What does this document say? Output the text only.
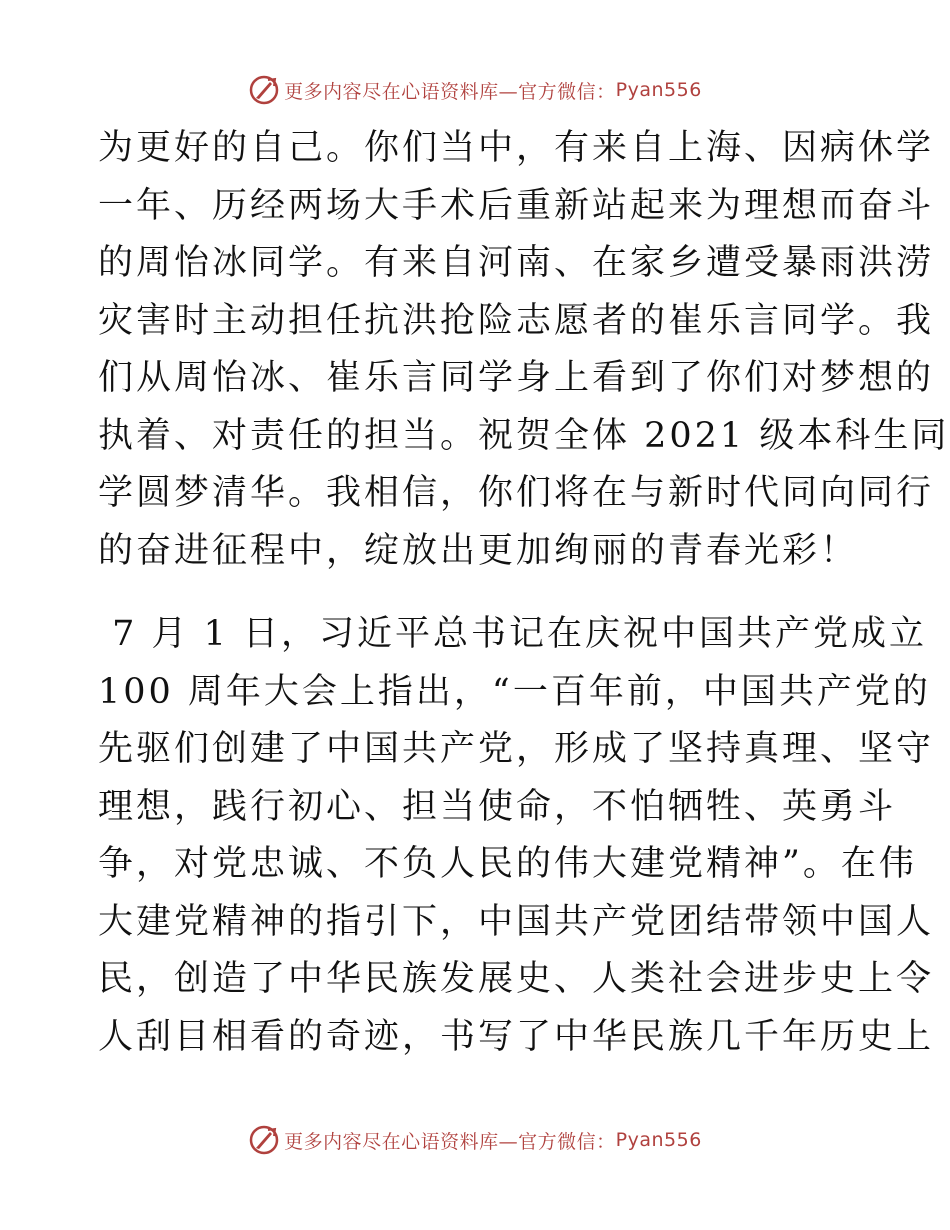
更多内容尽在心语资料库—官方微信： Pyan556

为更好的自己。你们当中，有来自上海、因病休学
一年、历经两场大手术后重新站起来为理想而奋斗
的周怡冰同学。有来自河南、在家乡遭受暴雨洪涝
灾害时主动担任抗洪抢险志愿者的崔乐言同学。我
们从周怡冰、崔乐言同学身上看到了你们对梦想的
执着、对责任的担当。祝贺全体 2021 级本科生同
学圆梦清华。我相信，你们将在与新时代同向同行
的奋进征程中，绽放出更加绚丽的青春光彩！

7 月 1 日，习近平总书记在庆祝中国共产党成立
100 周年大会上指出，“一百年前，中国共产党的
先驱们创建了中国共产党，形成了坚持真理、坚守
理想，践行初心、担当使命，不怕牺牲、英勇斗
争，对党忠诚、不负人民的伟大建党精神”。在伟
大建党精神的指引下，中国共产党团结带领中国人
民，创造了中华民族发展史、人类社会进步史上令
人刮目相看的奇迹，书写了中华民族几千年历史上

更多内容尽在心语资料库—官方微信： Pyan556
